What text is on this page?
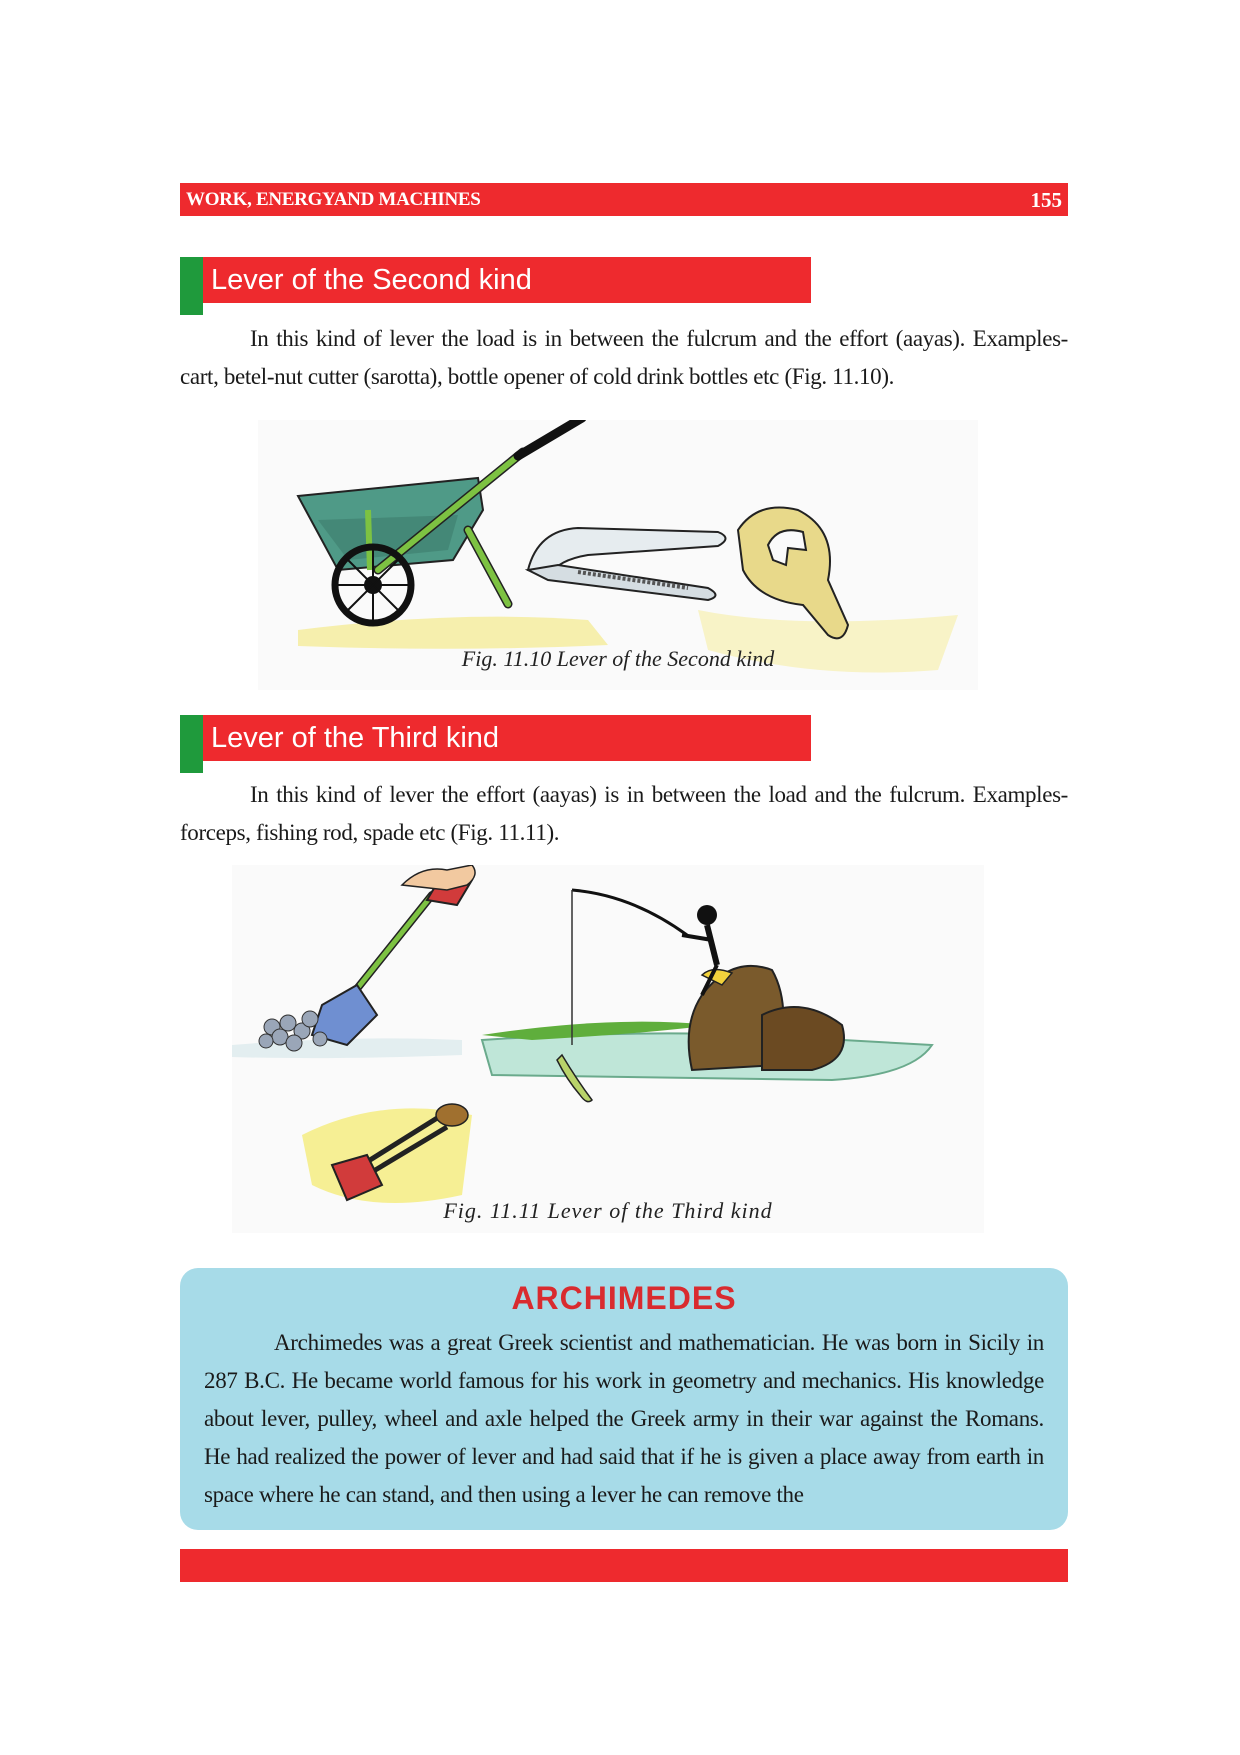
WORK, ENERGYAND MACHINES	155
Lever of the Second kind
In this kind of lever the load is in between the fulcrum and the effort (aayas). Examples- cart, betel-nut cutter (sarotta), bottle opener of cold drink bottles etc (Fig. 11.10).
Fig. 11.10 Lever of the Second kind
Lever of the Third kind
In this kind of lever the effort (aayas) is in between the load and the fulcrum. Examples- forceps, fishing rod, spade etc (Fig. 11.11).
Fig. 11.11 Lever of the Third kind
ARCHIMEDES
Archimedes was a great Greek scientist and mathematician. He was born in Sicily in 287 B.C. He became world famous for his work in geometry and mechanics. His knowledge about lever, pulley, wheel and axle helped the Greek army in their war against the Romans. He had realized the power of lever and had said that if he is given a place away from earth in space where he can stand, and then using a lever he can remove the
